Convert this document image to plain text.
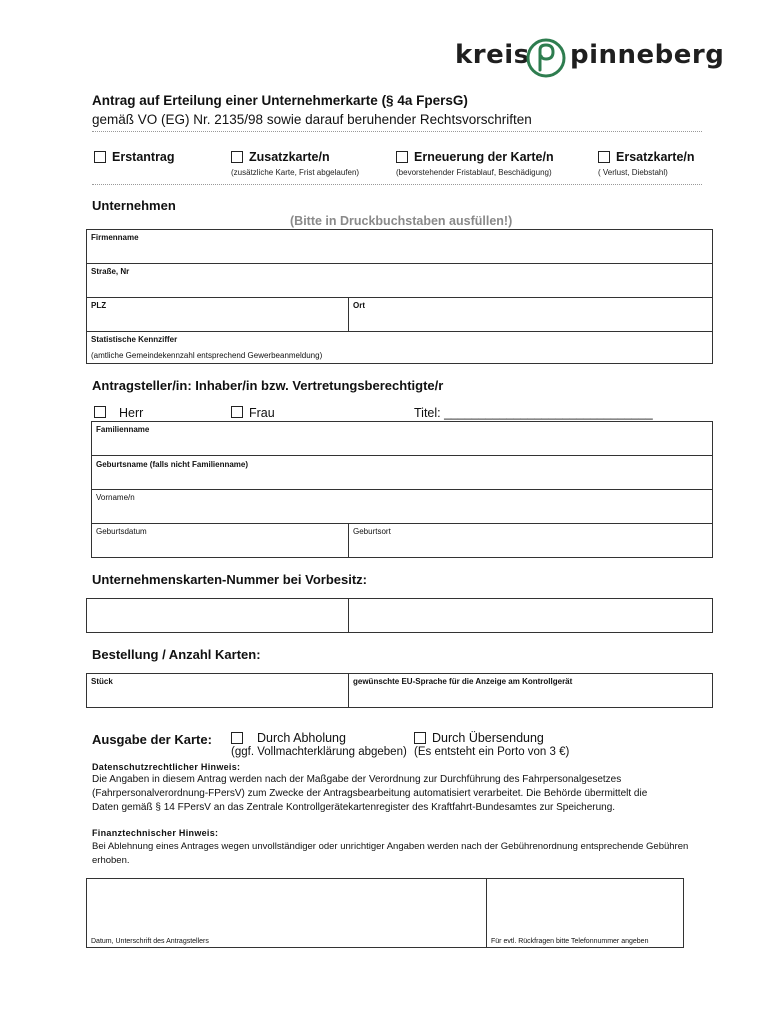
kreis pinneberg
Antrag auf Erteilung einer Unternehmerkarte (§ 4a FpersG)
gemäß VO (EG) Nr. 2135/98 sowie darauf beruhender Rechtsvorschriften
Erstantrag	Zusatzkarte/n
(zusätzliche Karte, Frist abgelaufen)
Erneuerung der Karte/n
(bevorstehender Fristablauf, Beschädigung)
Ersatzkarte/n
( Verlust, Diebstahl)
Unternehmen
(Bitte in Druckbuchstaben ausfüllen!)
Firmenname
Straße, Nr
PLZ	Ort
Statistische Kennziffer
(amtliche Gemeindekennzahl entsprechend Gewerbeanmeldung)
Antragsteller/in: Inhaber/in bzw. Vertretungsberechtigte/r
Herr	Frau	Titel: ______________________________
Familienname
Geburtsname (falls nicht Familienname)
Vorname/n
Geburtsdatum	Geburtsort
Unternehmenskarten-Nummer bei Vorbesitz:
Bestellung / Anzahl Karten:
Stück	gewünschte EU-Sprache für die Anzeige am Kontrollgerät
Ausgabe der Karte:	Durch Abholung
(ggf. Vollmachterklärung abgeben)
Durch Übersendung
(Es entsteht ein Porto von 3 €)
Datenschutzrechtlicher Hinweis:
Die Angaben in diesem Antrag werden nach der Maßgabe der Verordnung zur Durchführung des Fahrpersonalgesetzes
(Fahrpersonalverordnung-FPersV) zum Zwecke der Antragsbearbeitung automatisiert verarbeitet. Die Behörde übermittelt die
Daten gemäß § 14 FPersV an das Zentrale Kontrollgerätekartenregister des Kraftfahrt-Bundesamtes zur Speicherung.
Finanztechnischer Hinweis:
Bei Ablehnung eines Antrages wegen unvollständiger oder unrichtiger Angaben werden nach der Gebührenordnung entsprechende Gebühren
erhoben.
Datum, Unterschrift des Antragstellers	Für evtl. Rückfragen bitte Telefonnummer angeben
